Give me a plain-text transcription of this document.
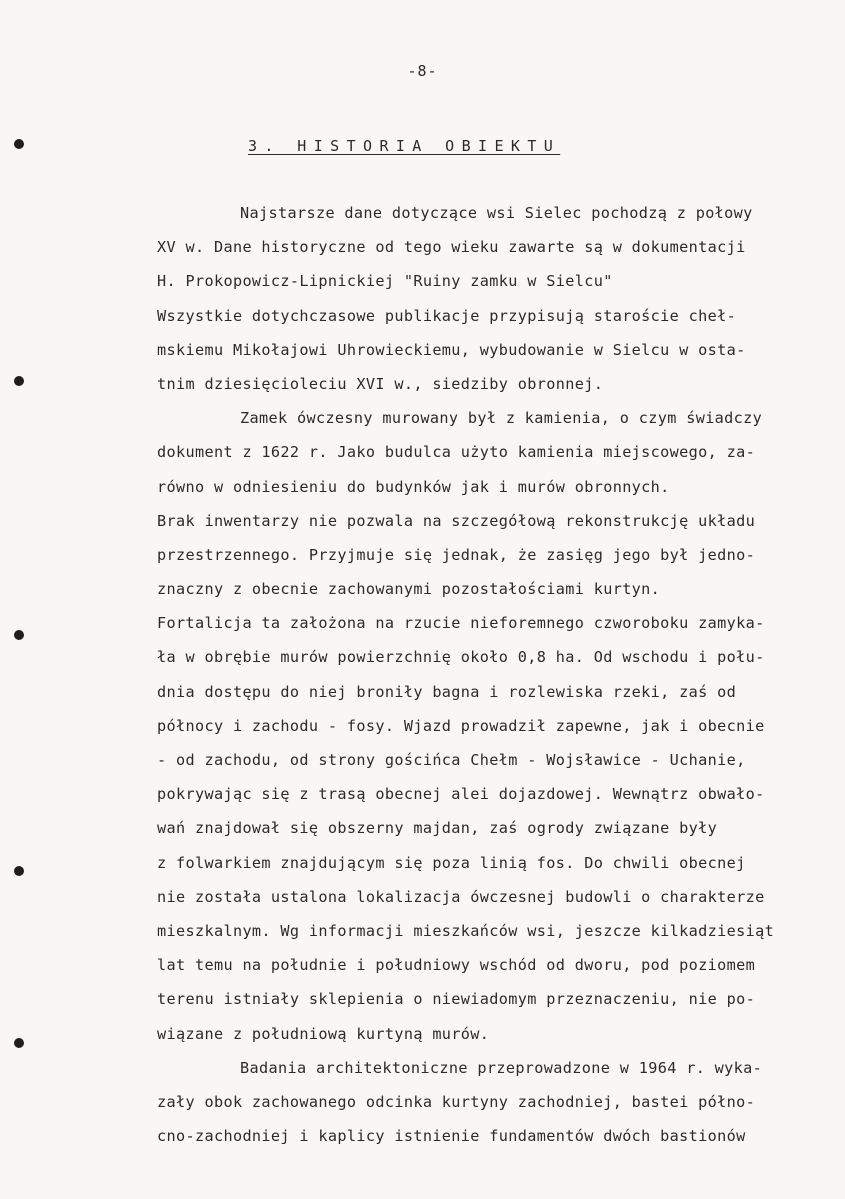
-8-
3. HISTORIA OBIEKTU
Najstarsze dane dotyczące wsi Sielec pochodzą z połowy
XV w. Dane historyczne od tego wieku zawarte są w dokumentacji
H. Prokopowicz-Lipnickiej "Ruiny zamku w Sielcu"
Wszystkie dotychczasowe publikacje przypisują staroście cheł-
mskiemu Mikołajowi Uhrowieckiemu, wybudowanie w Sielcu w osta-
tnim dziesięcioleciu XVI w., siedziby obronnej.
Zamek ówczesny murowany był z kamienia, o czym świadczy
dokument z 1622 r. Jako budulca użyto kamienia miejscowego, za-
równo w odniesieniu do budynków jak i murów obronnych.
Brak inwentarzy nie pozwala na szczegółową rekonstrukcję układu
przestrzennego. Przyjmuje się jednak, że zasięg jego był jedno-
znaczny z obecnie zachowanymi pozostałościami kurtyn.
Fortalicja ta założona na rzucie nieforemnego czworoboku zamyka-
ła w obrębie murów powierzchnię około 0,8 ha. Od wschodu i połu-
dnia dostępu do niej broniły bagna i rozlewiska rzeki, zaś od
północy i zachodu - fosy. Wjazd prowadził zapewne, jak i obecnie
- od zachodu, od strony gościńca Chełm - Wojsławice - Uchanie,
pokrywając się z trasą obecnej alei dojazdowej. Wewnątrz obwało-
wań znajdował się obszerny majdan, zaś ogrody związane były
z folwarkiem znajdującym się poza linią fos. Do chwili obecnej
nie została ustalona lokalizacja ówczesnej budowli o charakterze
mieszkalnym. Wg informacji mieszkańców wsi, jeszcze kilkadziesiąt
lat temu na południe i południowy wschód od dworu, pod poziomem
terenu istniały sklepienia o niewiadomym przeznaczeniu, nie po-
wiązane z południową kurtyną murów.
Badania architektoniczne przeprowadzone w 1964 r. wyka-
zały obok zachowanego odcinka kurtyny zachodniej, bastei półno-
cno-zachodniej i kaplicy istnienie fundamentów dwóch bastionów
